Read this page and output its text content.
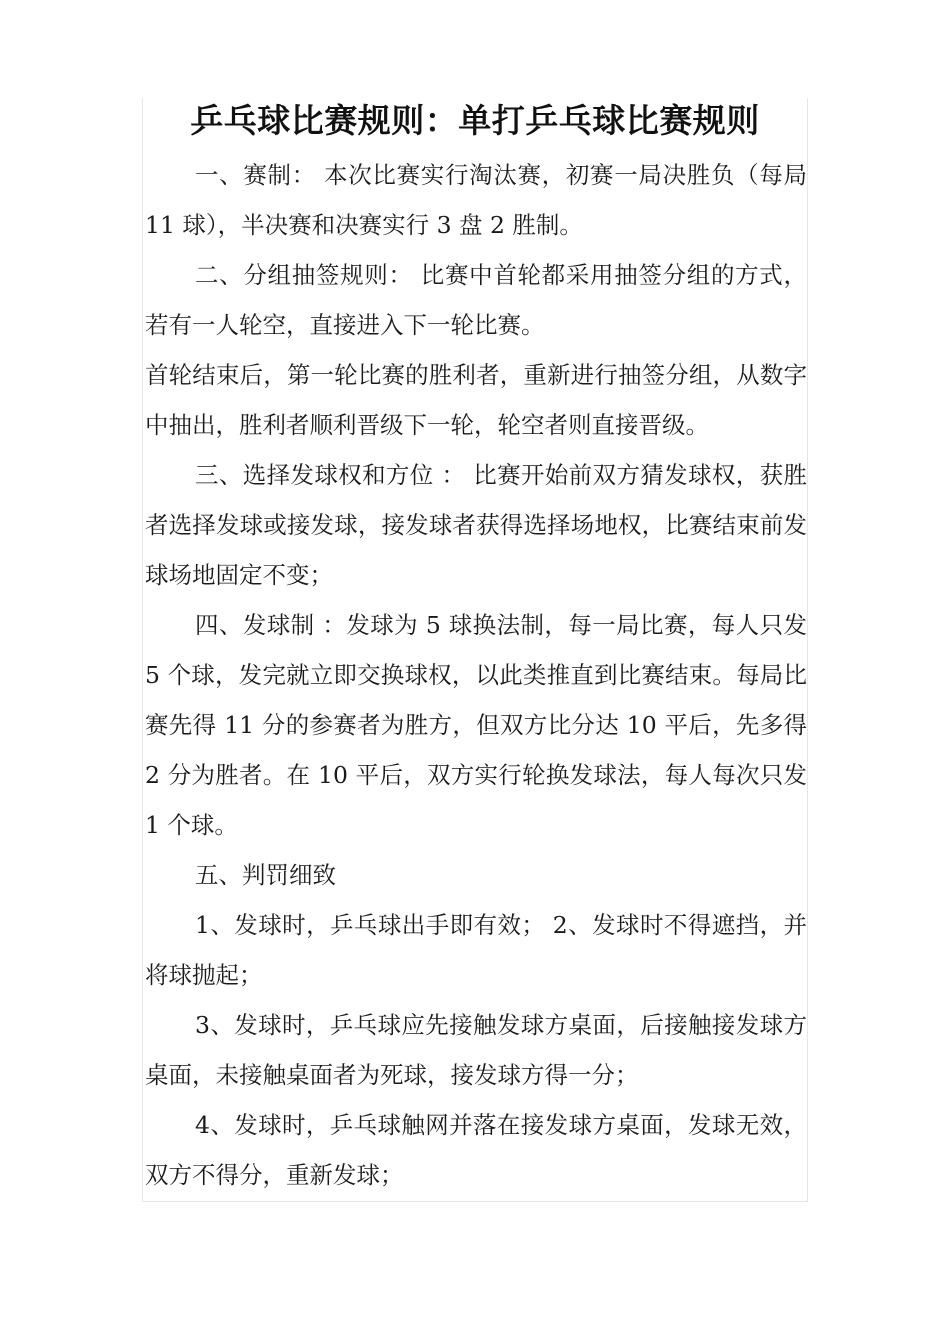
乒乓球比赛规则：单打乒乓球比赛规则

一、赛制： 本次比赛实行淘汰赛，初赛一局决胜负（每局 11 球），半决赛和决赛实行 3 盘 2 胜制。

二、分组抽签规则： 比赛中首轮都采用抽签分组的方式，若有一人轮空，直接进入下一轮比赛。

首轮结束后，第一轮比赛的胜利者，重新进行抽签分组，从数字中抽出，胜利者顺利晋级下一轮，轮空者则直接晋级。

三、选择发球权和方位 ： 比赛开始前双方猜发球权，获胜者选择发球或接发球，接发球者获得选择场地权，比赛结束前发球场地固定不变；

四、发球制 ：发球为 5 球换法制，每一局比赛，每人只发 5 个球，发完就立即交换球权，以此类推直到比赛结束。每局比赛先得 11 分的参赛者为胜方，但双方比分达 10 平后，先多得 2 分为胜者。在 10 平后，双方实行轮换发球法，每人每次只发 1 个球。

五、判罚细致

1、发球时，乒乓球出手即有效； 2、发球时不得遮挡，并将球抛起；

3、发球时，乒乓球应先接触发球方桌面，后接触接发球方桌面，未接触桌面者为死球，接发球方得一分；

4、发球时，乒乓球触网并落在接发球方桌面，发球无效，双方不得分，重新发球；
